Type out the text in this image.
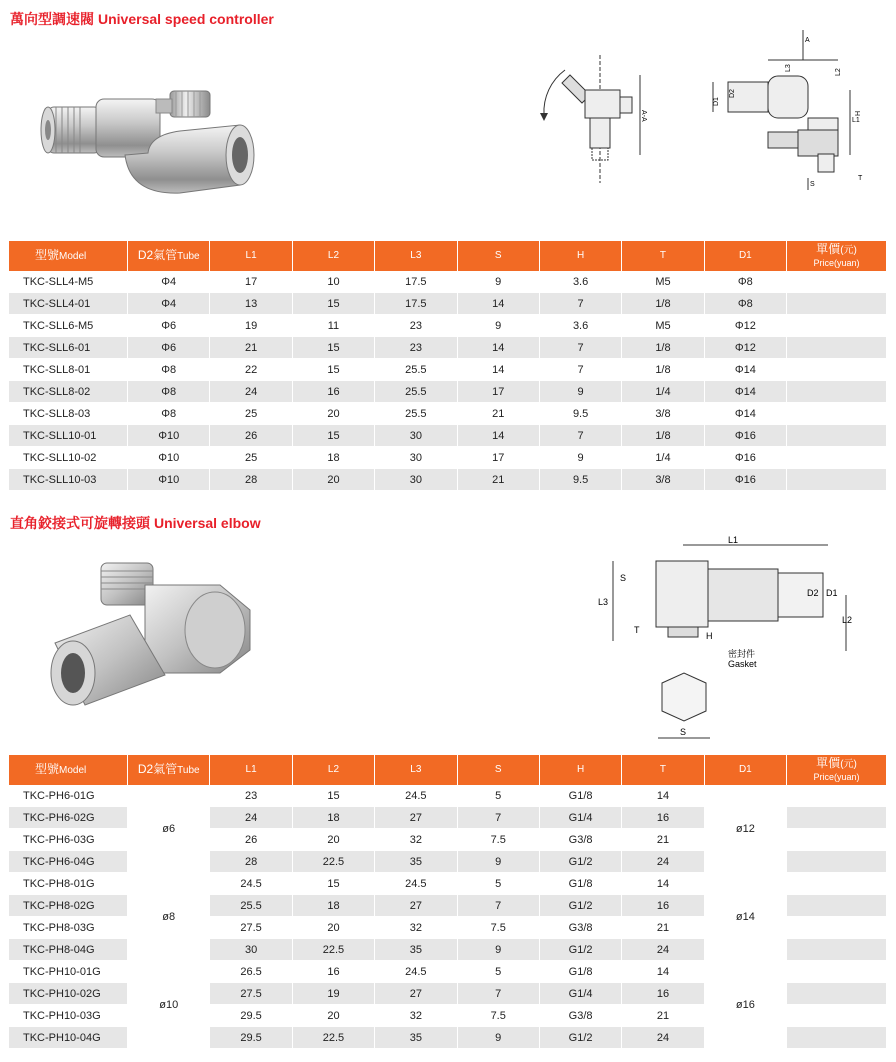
萬向型調速閥 Universal speed controller
A-A
A
D1
D2
L3
L2
L1
H
S
T
型號Model	D2氣管Tube	L1	L2	L3	S	H	T	D1	單價(元)
Price(yuan)

TKC-SLL4-M5	Φ4	17	10	17.5	9	3.6	M5	Φ8	
TKC-SLL4-01	Φ4	13	15	17.5	14	7	1/8	Φ8	
TKC-SLL6-M5	Φ6	19	11	23	9	3.6	M5	Φ12	
TKC-SLL6-01	Φ6	21	15	23	14	7	1/8	Φ12	
TKC-SLL8-01	Φ8	22	15	25.5	14	7	1/8	Φ14	
TKC-SLL8-02	Φ8	24	16	25.5	17	9	1/4	Φ14	
TKC-SLL8-03	Φ8	25	20	25.5	21	9.5	3/8	Φ14	
TKC-SLL10-01	Φ10	26	15	30	14	7	1/8	Φ16	
TKC-SLL10-02	Φ10	25	18	30	17	9	1/4	Φ16	
TKC-SLL10-03	Φ10	28	20	30	21	9.5	3/8	Φ16	
直角鉸接式可旋轉接頭 Universal elbow
L1
S
L3
T
H
D2 D1
L2
密封件
Gasket
S
型號Model	D2氣管Tube	L1	L2	L3	S	H	T	D1	單價(元)
Price(yuan)

TKC-PH6-01G	ø6	23	15	24.5	5	G1/8	14	ø12	
TKC-PH6-02G		24	18	27	7	G1/4	16		
TKC-PH6-03G		26	20	32	7.5	G3/8	21		
TKC-PH6-04G		28	22.5	35	9	G1/2	24		
TKC-PH8-01G	ø8	24.5	15	24.5	5	G1/8	14	ø14	
TKC-PH8-02G		25.5	18	27	7	G1/2	16		
TKC-PH8-03G		27.5	20	32	7.5	G3/8	21		
TKC-PH8-04G		30	22.5	35	9	G1/2	24		
TKC-PH10-01G	ø10	26.5	16	24.5	5	G1/8	14	ø16	
TKC-PH10-02G		27.5	19	27	7	G1/4	16		
TKC-PH10-03G		29.5	20	32	7.5	G3/8	21		
TKC-PH10-04G		29.5	22.5	35	9	G1/2	24		
